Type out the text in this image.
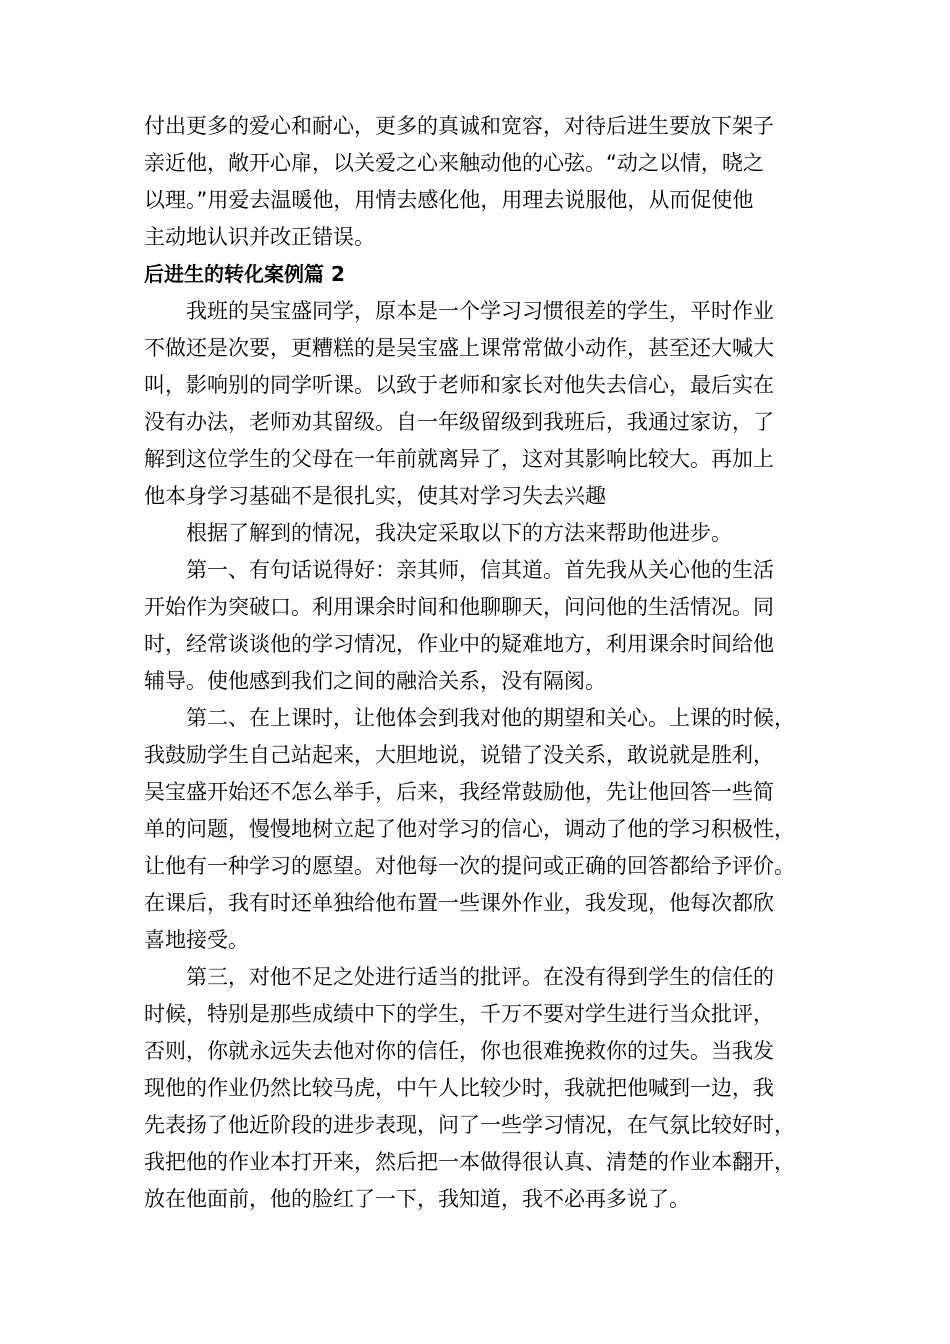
付出更多的爱心和耐心，更多的真诚和宽容，对待后进生要放下架子
亲近他，敞开心扉，以关爱之心来触动他的心弦。“动之以情，晓之
以理。”用爱去温暖他，用情去感化他，用理去说服他，从而促使他
主动地认识并改正错误。
后进生的转化案例篇 2
我班的吴宝盛同学，原本是一个学习习惯很差的学生，平时作业
不做还是次要，更糟糕的是吴宝盛上课常常做小动作，甚至还大喊大
叫，影响别的同学听课。以致于老师和家长对他失去信心，最后实在
没有办法，老师劝其留级。自一年级留级到我班后，我通过家访，了
解到这位学生的父母在一年前就离异了，这对其影响比较大。再加上
他本身学习基础不是很扎实，使其对学习失去兴趣
根据了解到的情况，我决定采取以下的方法来帮助他进步。
第一、有句话说得好：亲其师，信其道。首先我从关心他的生活
开始作为突破口。利用课余时间和他聊聊天，问问他的生活情况。同
时，经常谈谈他的学习情况，作业中的疑难地方，利用课余时间给他
辅导。使他感到我们之间的融洽关系，没有隔阂。
第二、在上课时，让他体会到我对他的期望和关心。上课的时候，
我鼓励学生自己站起来，大胆地说，说错了没关系，敢说就是胜利，
吴宝盛开始还不怎么举手，后来，我经常鼓励他，先让他回答一些简
单的问题，慢慢地树立起了他对学习的信心，调动了他的学习积极性，
让他有一种学习的愿望。对他每一次的提问或正确的回答都给予评价。
在课后，我有时还单独给他布置一些课外作业，我发现，他每次都欣
喜地接受。
第三，对他不足之处进行适当的批评。在没有得到学生的信任的
时候，特别是那些成绩中下的学生，千万不要对学生进行当众批评，
否则，你就永远失去他对你的信任，你也很难挽救你的过失。当我发
现他的作业仍然比较马虎，中午人比较少时，我就把他喊到一边，我
先表扬了他近阶段的进步表现，问了一些学习情况，在气氛比较好时，
我把他的作业本打开来，然后把一本做得很认真、清楚的作业本翻开，
放在他面前，他的脸红了一下，我知道，我不必再多说了。
